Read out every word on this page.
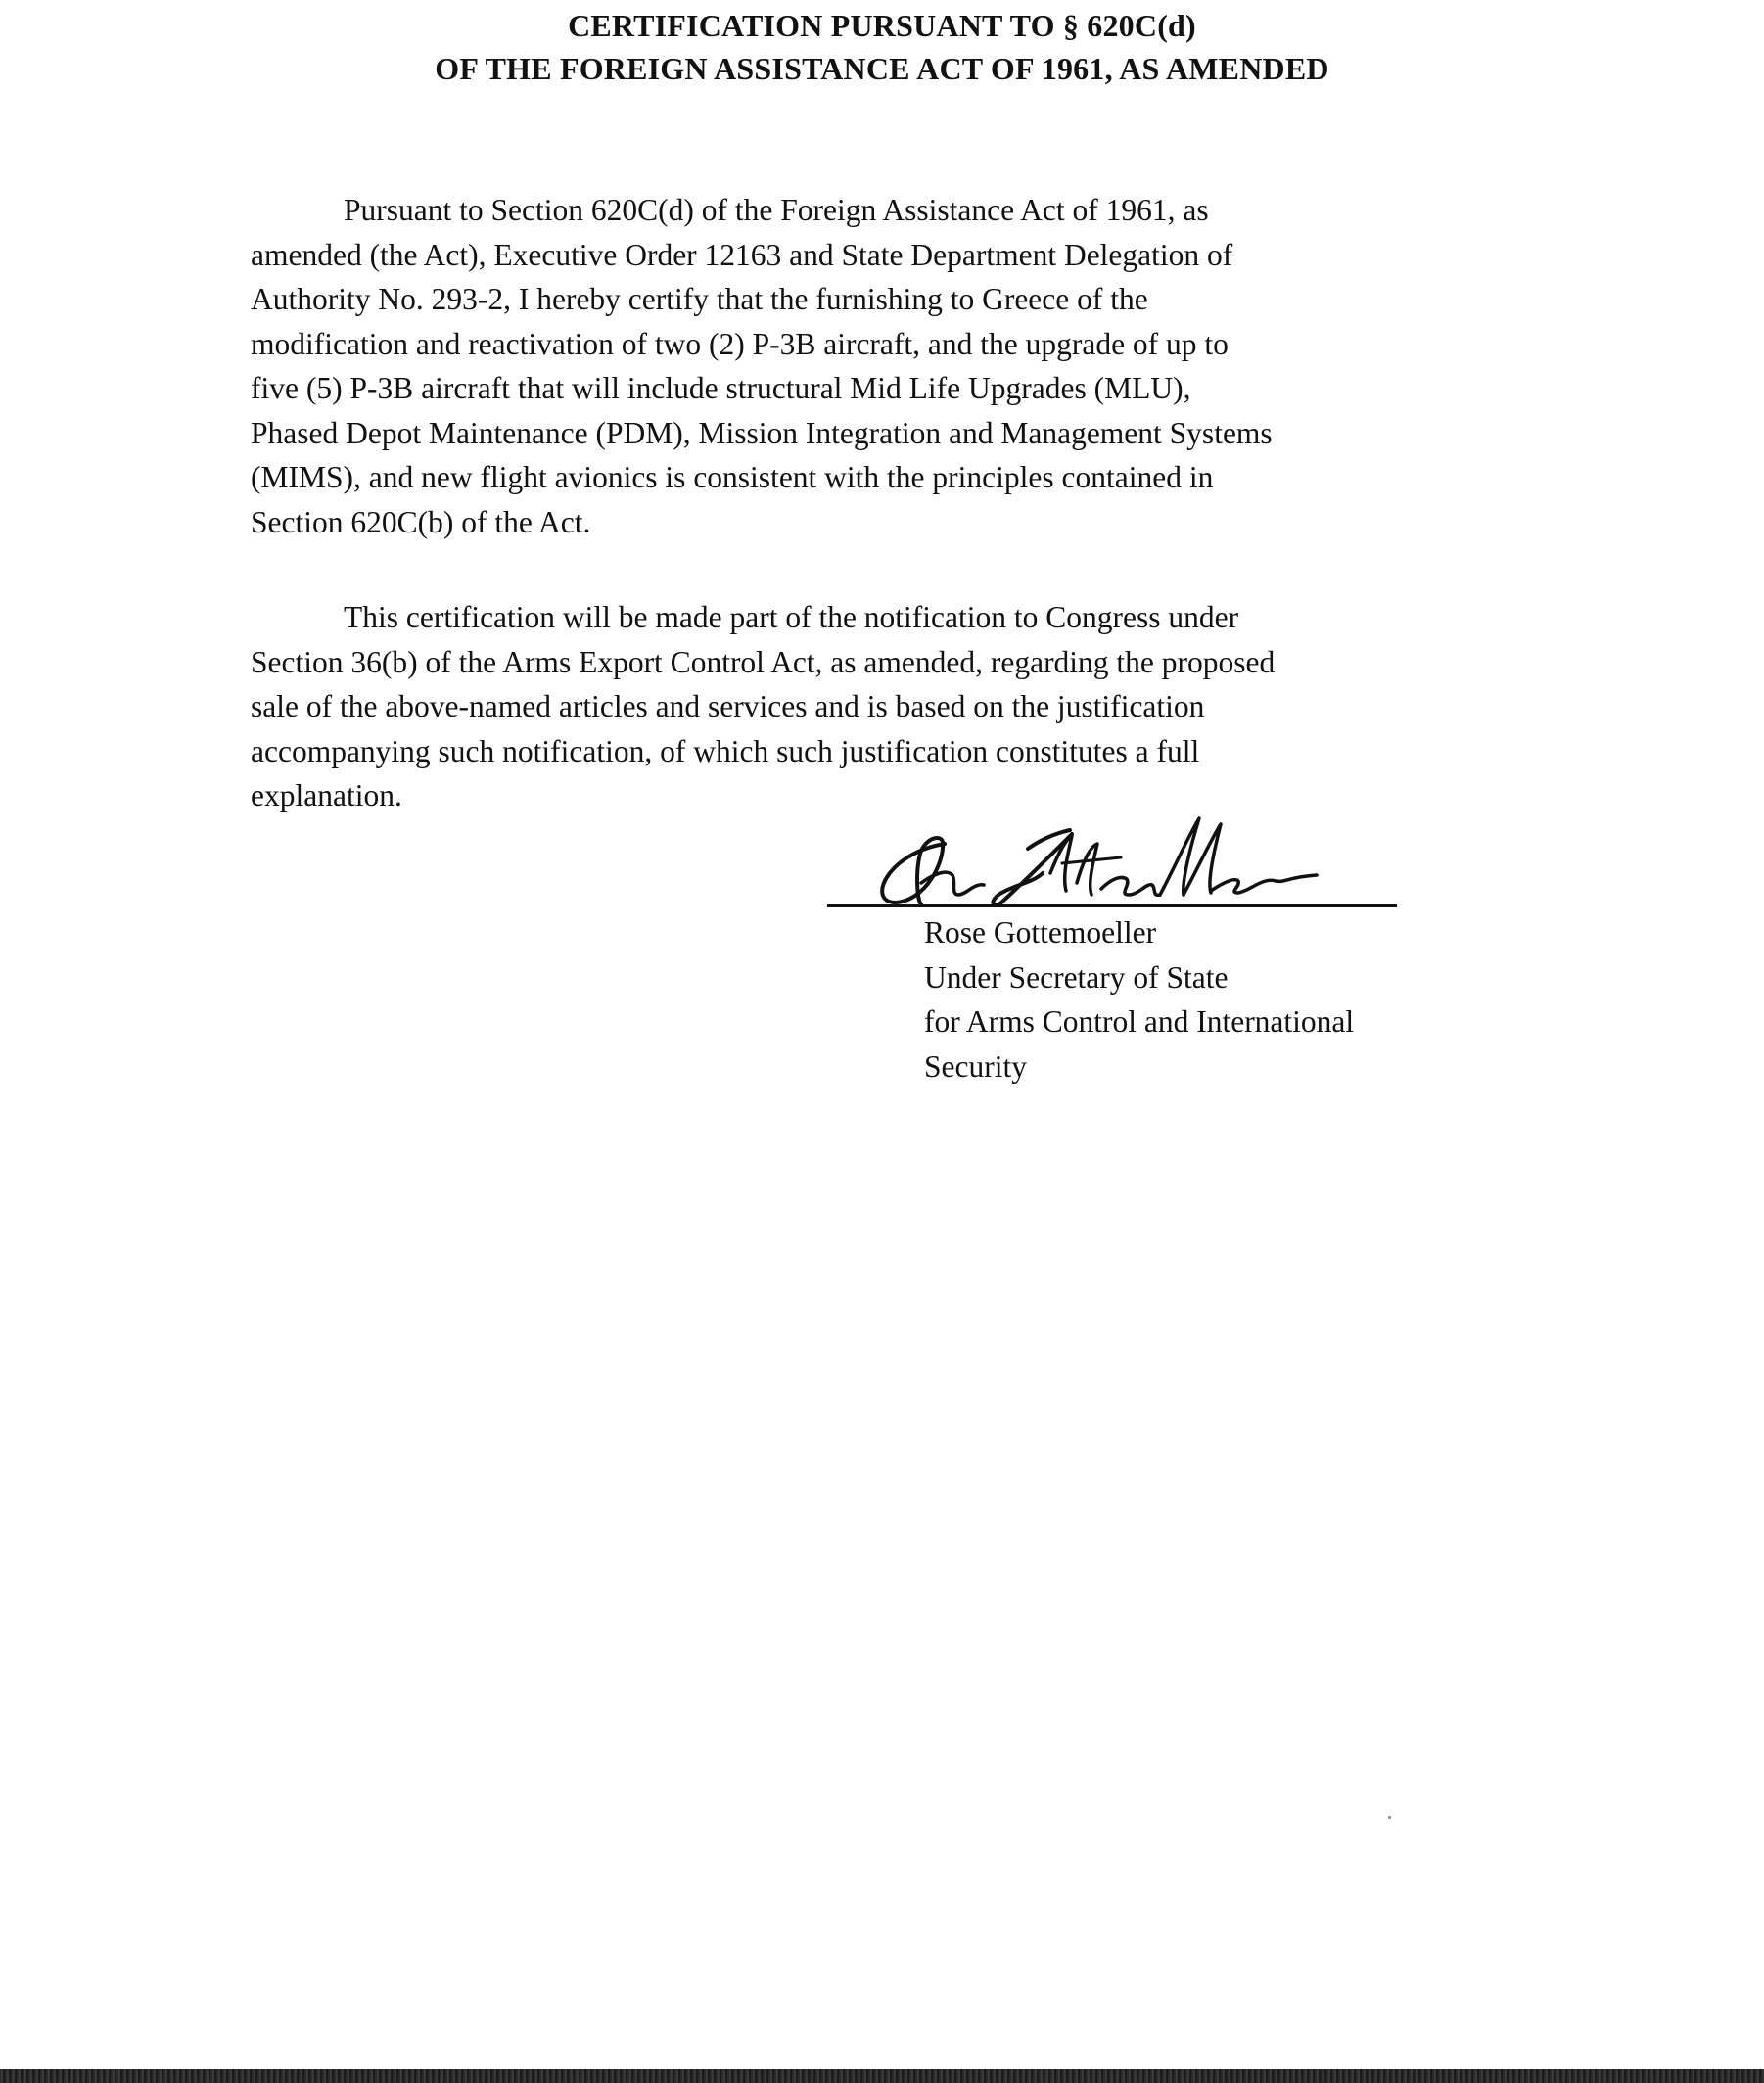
CERTIFICATION PURSUANT TO § 620C(d)
OF THE FOREIGN ASSISTANCE ACT OF 1961, AS AMENDED
Pursuant to Section 620C(d) of the Foreign Assistance Act of 1961, as
amended (the Act), Executive Order 12163 and State Department Delegation of
Authority No. 293-2, I hereby certify that the furnishing to Greece of the
modification and reactivation of two (2) P-3B aircraft, and the upgrade of up to
five (5) P-3B aircraft that will include structural Mid Life Upgrades (MLU),
Phased Depot Maintenance (PDM), Mission Integration and Management Systems
(MIMS), and new flight avionics is consistent with the principles contained in
Section 620C(b) of the Act.
This certification will be made part of the notification to Congress under
Section 36(b) of the Arms Export Control Act, as amended, regarding the proposed
sale of the above-named articles and services and is based on the justification
accompanying such notification, of which such justification constitutes a full
explanation.
Rose Gottemoeller
Under Secretary of State
for Arms Control and International
Security
